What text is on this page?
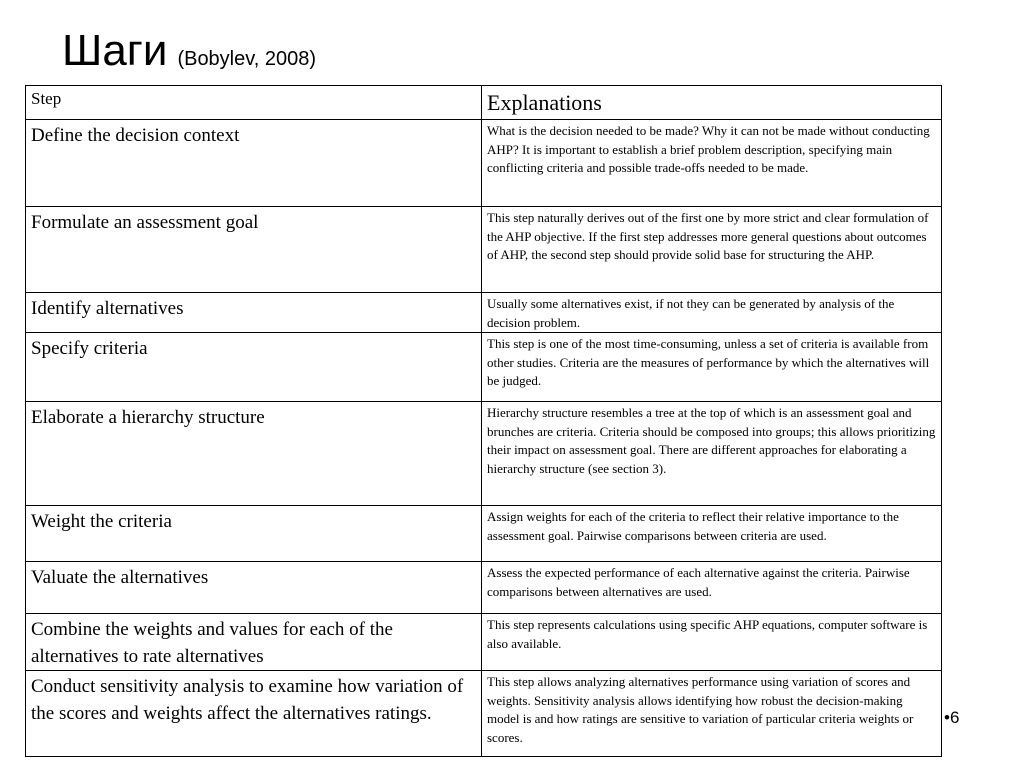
Шаги (Bobylev, 2008)
Step	Explanations
Define the decision context	What is the decision needed to be made? Why it can not be made without conducting AHP? It is important to establish a brief problem description, specifying main conflicting criteria and possible trade-offs needed to be made.
Formulate an assessment goal	This step naturally derives out of the first one by more strict and clear formulation of the AHP objective. If the first step addresses more general questions about outcomes of AHP, the second step should provide solid base for structuring the AHP.
Identify alternatives	Usually some alternatives exist, if not they can be generated by analysis of the decision problem.
Specify criteria	This step is one of the most time-consuming, unless a set of criteria is available from other studies. Criteria are the measures of performance by which the alternatives will be judged.
Elaborate a hierarchy structure	Hierarchy structure resembles a tree at the top of which is an assessment goal and brunches are criteria. Criteria should be composed into groups; this allows prioritizing their impact on assessment goal. There are different approaches for elaborating a hierarchy structure (see section 3).
Weight the criteria	Assign weights for each of the criteria to reflect their relative importance to the assessment goal. Pairwise comparisons between criteria are used.
Valuate the alternatives	Assess the expected performance of each alternative against the criteria. Pairwise comparisons between alternatives are used.
Combine the weights and values for each of the alternatives to rate alternatives	This step represents calculations using specific AHP equations, computer software is also available.
Conduct sensitivity analysis to examine how variation of the scores and weights affect the alternatives ratings.	This step allows analyzing alternatives performance using variation of scores and weights. Sensitivity analysis allows identifying how robust the decision-making model is and how ratings are sensitive to variation of particular criteria weights or scores.
•6
